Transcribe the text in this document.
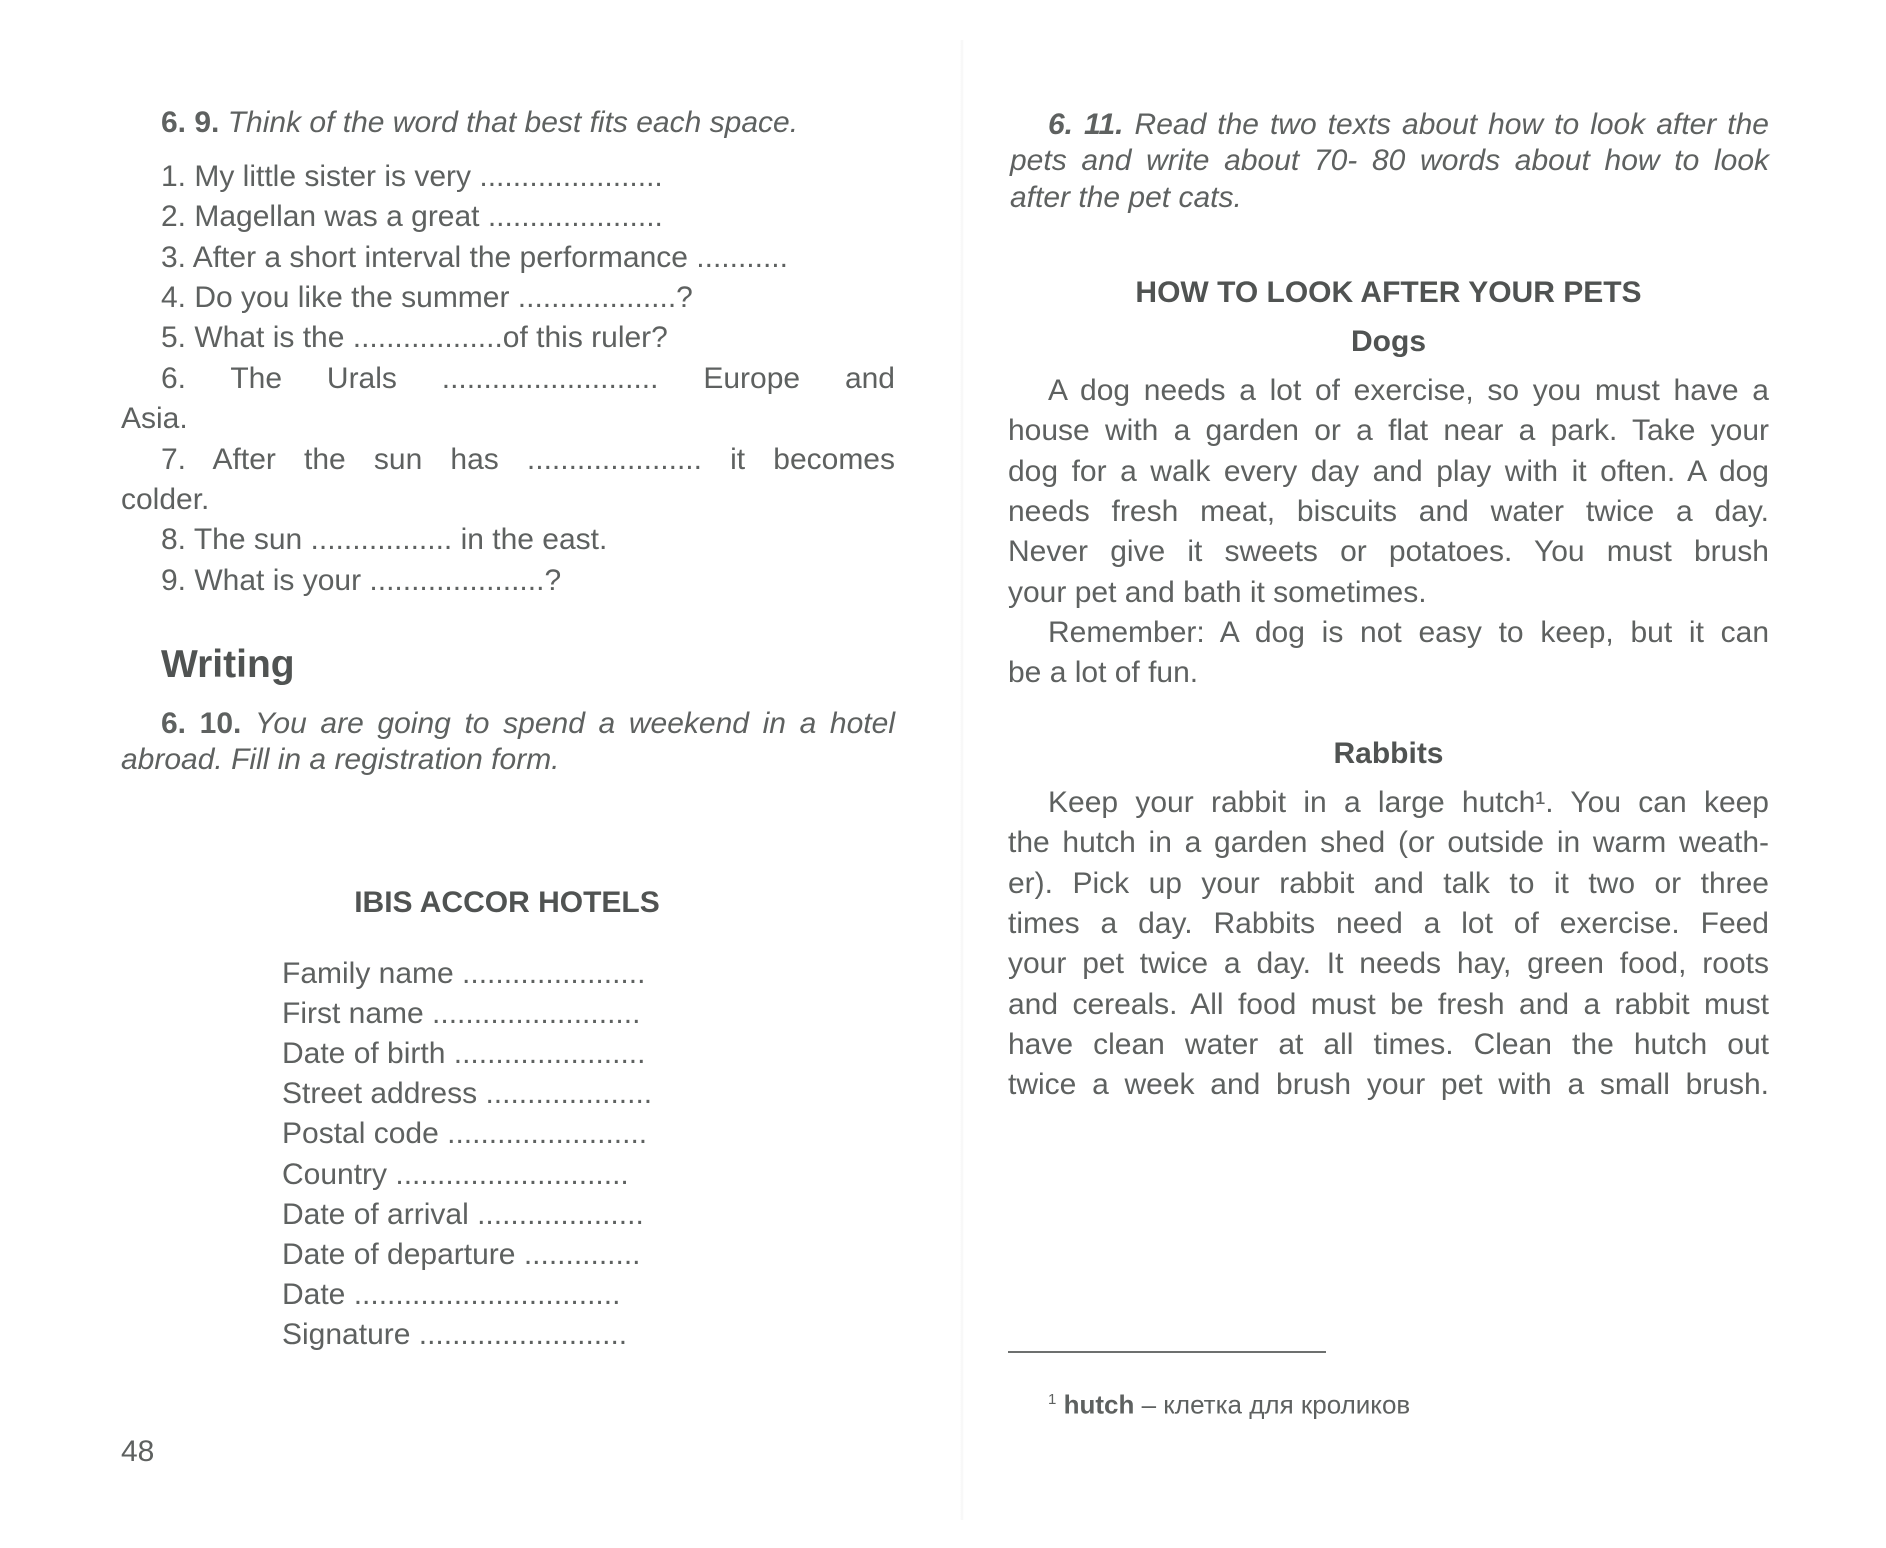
6. 9. Think of the word that best fits each space.
1. My little sister is very ......................
2. Magellan was a great .....................
3. After a short interval the performance ...........
4. Do you like the summer ...................?
5. What is the ..................of this ruler?
6. The Urals .......................... Europe and
Asia.
7. After the sun has ..................... it becomes
colder.
8. The sun ................. in the east.
9. What is your .....................?
Writing
6. 10. You are going to spend a weekend in a hotel
abroad. Fill in a registration form.
IBIS ACCOR HOTELS
Family name ......................
First name .........................
Date of birth .......................
Street address ....................
Postal code ........................
Country ............................
Date of arrival ....................
Date of departure ..............
Date ................................
Signature .........................
48
6. 11. Read the two texts about how to look after the
pets and write about 70- 80 words about how to look
after the pet cats.
HOW TO LOOK AFTER YOUR PETS
Dogs
A dog needs a lot of exercise, so you must have a
house with a garden or a flat near a park. Take your
dog for a walk every day and play with it often. A dog
needs fresh meat, biscuits and water twice a day.
Never give it sweets or potatoes. You must brush
your pet and bath it sometimes.
Remember: A dog is not easy to keep, but it can
be a lot of fun.
Rabbits
Keep your rabbit in a large hutch¹. You can keep
the hutch in a garden shed (or outside in warm weath-
er). Pick up your rabbit and talk to it two or three
times a day. Rabbits need a lot of exercise. Feed
your pet twice a day. It needs hay, green food, roots
and cereals. All food must be fresh and a rabbit must
have clean water at all times. Clean the hutch out
twice a week and brush your pet with a small brush.
$^1$ hutch – клетка для кроликов
